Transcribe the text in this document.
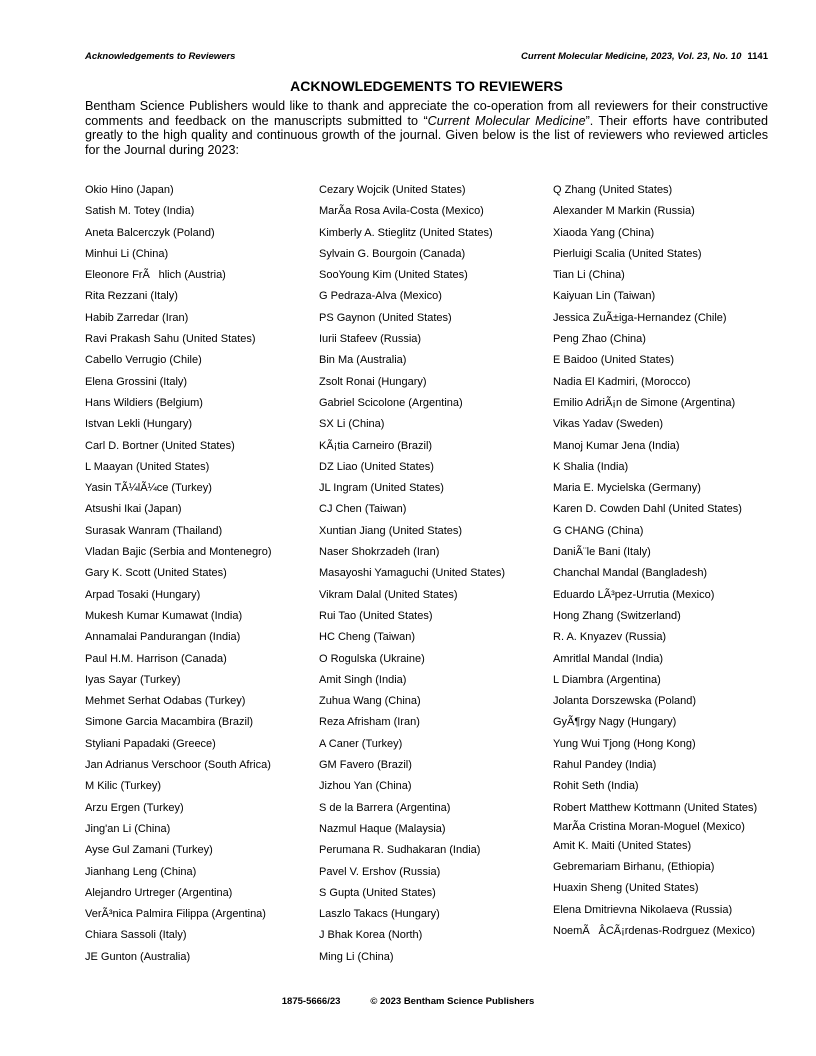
Acknowledgements to Reviewers	Current Molecular Medicine, 2023, Vol. 23, No. 10 1141
ACKNOWLEDGEMENTS TO REVIEWERS

Bentham Science Publishers would like to thank and appreciate the co-operation from all reviewers for their constructive comments and feedback on the manuscripts submitted to “Current Molecular Medicine”. Their efforts have contributed greatly to the high quality and continuous growth of the journal. Given below is the list of reviewers who reviewed articles for the Journal during 2023:

Okio Hino (Japan)
Satish M. Totey (India)
Aneta Balcerczyk (Poland)
Minhui Li (China)
Eleonore FrÃhlich (Austria)
Rita Rezzani (Italy)
Habib Zarredar (Iran)
Ravi Prakash Sahu (United States)
Cabello Verrugio (Chile)
Elena Grossini (Italy)
Hans Wildiers (Belgium)
Istvan Lekli (Hungary)
Carl D. Bortner (United States)
L Maayan (United States)
Yasin TÃ¼lÃ¼ce (Turkey)
Atsushi Ikai (Japan)
Surasak Wanram (Thailand)
Vladan Bajic (Serbia and Montenegro)
Gary K. Scott (United States)
Arpad Tosaki (Hungary)
Mukesh Kumar Kumawat (India)
Annamalai Pandurangan (India)
Paul H.M. Harrison (Canada)
Iyas Sayar (Turkey)
Mehmet Serhat Odabas (Turkey)
Simone Garcia Macambira (Brazil)
Styliani Papadaki (Greece)
Jan Adrianus Verschoor (South Africa)
M Kilic (Turkey)
Arzu Ergen (Turkey)
Jing'an Li (China)
Ayse Gul Zamani (Turkey)
Jianhang Leng (China)
Alejandro Urtreger (Argentina)
VerÃ³nica Palmira Filippa (Argentina)
Chiara Sassoli (Italy)
JE Gunton (Australia)
Cezary Wojcik (United States)
MarÃa Rosa Avila-Costa (Mexico)
Kimberly A. Stieglitz (United States)
Sylvain G. Bourgoin (Canada)
SooYoung Kim (United States)
G Pedraza-Alva (Mexico)
PS Gaynon (United States)
Iurii Stafeev (Russia)
Bin Ma (Australia)
Zsolt Ronai (Hungary)
Gabriel Scicolone (Argentina)
SX Li (China)
KÃ¡tia Carneiro (Brazil)
DZ Liao (United States)
JL Ingram (United States)
CJ Chen (Taiwan)
Xuntian Jiang (United States)
Naser Shokrzadeh (Iran)
Masayoshi Yamaguchi (United States)
Vikram Dalal (United States)
Rui Tao (United States)
HC Cheng (Taiwan)
O Rogulska (Ukraine)
Amit Singh (India)
Zuhua Wang (China)
Reza Afrisham (Iran)
A Caner (Turkey)
GM Favero (Brazil)
Jizhou Yan (China)
S de la Barrera (Argentina)
Nazmul Haque (Malaysia)
Perumana R. Sudhakaran (India)
Pavel V. Ershov (Russia)
S Gupta (United States)
Laszlo Takacs (Hungary)
J Bhak Korea (North)
Ming Li (China)
Q Zhang (United States)
Alexander M Markin (Russia)
Xiaoda Yang (China)
Pierluigi Scalia (United States)
Tian Li (China)
Kaiyuan Lin (Taiwan)
Jessica ZuÃ±iga-Hernandez (Chile)
Peng Zhao (China)
E Baidoo (United States)
Nadia El Kadmiri, (Morocco)
Emilio AdriÃ¡n de Simone (Argentina)
Vikas Yadav (Sweden)
Manoj Kumar Jena (India)
K Shalia (India)
Maria E. Mycielska (Germany)
Karen D. Cowden Dahl (United States)
G CHANG (China)
DaniÃ¨le Bani (Italy)
Chanchal Mandal (Bangladesh)
Eduardo LÃ³pez-Urrutia (Mexico)
Hong Zhang (Switzerland)
R. A. Knyazev (Russia)
Amritlal Mandal (India)
L Diambra (Argentina)
Jolanta Dorszewska (Poland)
GyÃ¶rgy Nagy (Hungary)
Yung Wui Tjong (Hong Kong)
Rahul Pandey (India)
Rohit Seth (India)
Robert Matthew Kottmann (United States)
MarÃa Cristina Moran-Moguel (Mexico)
Amit K. Maiti (United States)
Gebremariam Birhanu, (Ethiopia)
Huaxin Sheng (United States)
Elena Dmitrievna Nikolaeva (Russia)
NoemÃÂCÃ¡rdenas-Rodrguez (Mexico)
1875-5666/23	© 2023 Bentham Science Publishers
